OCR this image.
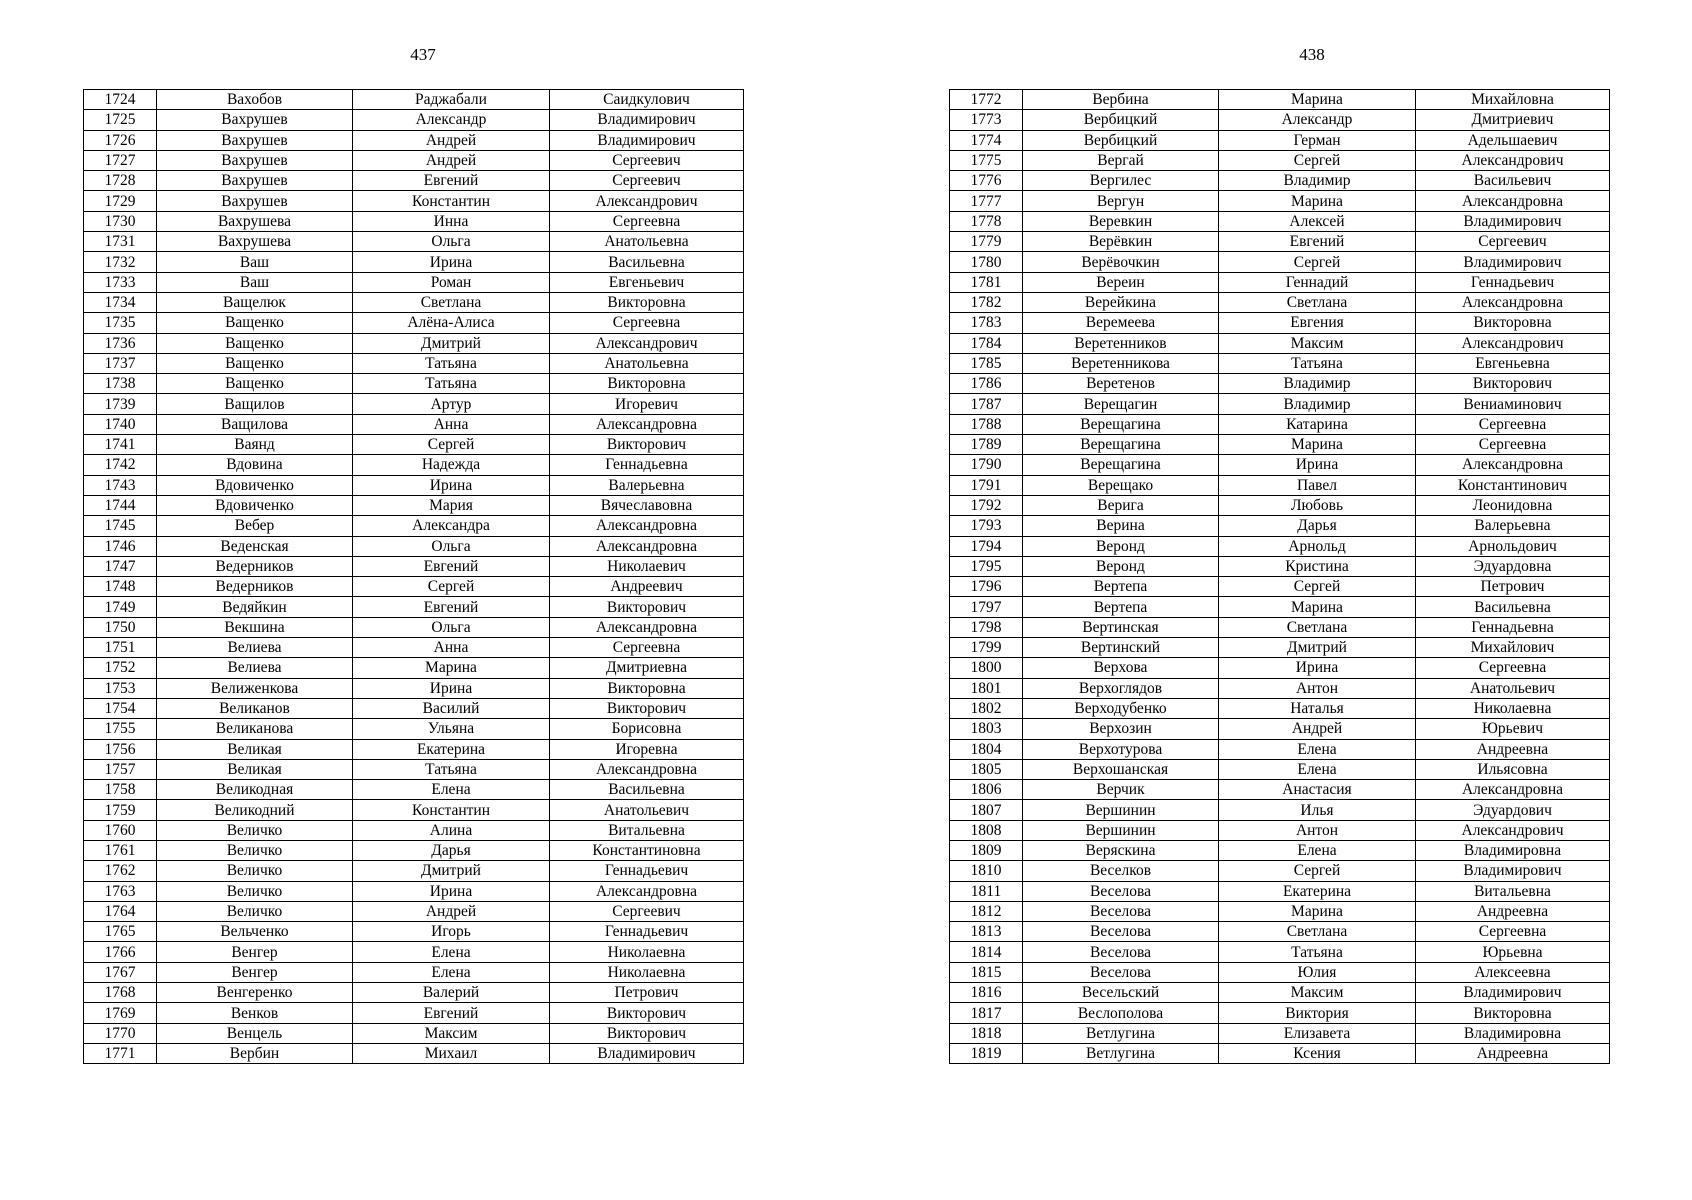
437
1724	Вахобов	Раджабали	Саидкулович
1725	Вахрушев	Александр	Владимирович
1726	Вахрушев	Андрей	Владимирович
1727	Вахрушев	Андрей	Сергеевич
1728	Вахрушев	Евгений	Сергеевич
1729	Вахрушев	Константин	Александрович
1730	Вахрушева	Инна	Сергеевна
1731	Вахрушева	Ольга	Анатольевна
1732	Ваш	Ирина	Васильевна
1733	Ваш	Роман	Евгеньевич
1734	Ващелюк	Светлана	Викторовна
1735	Ващенко	Алёна-Алиса	Сергеевна
1736	Ващенко	Дмитрий	Александрович
1737	Ващенко	Татьяна	Анатольевна
1738	Ващенко	Татьяна	Викторовна
1739	Ващилов	Артур	Игоревич
1740	Ващилова	Анна	Александровна
1741	Ваянд	Сергей	Викторович
1742	Вдовина	Надежда	Геннадьевна
1743	Вдовиченко	Ирина	Валерьевна
1744	Вдовиченко	Мария	Вячеславовна
1745	Вебер	Александра	Александровна
1746	Веденская	Ольга	Александровна
1747	Ведерников	Евгений	Николаевич
1748	Ведерников	Сергей	Андреевич
1749	Ведяйкин	Евгений	Викторович
1750	Векшина	Ольга	Александровна
1751	Велиева	Анна	Сергеевна
1752	Велиева	Марина	Дмитриевна
1753	Велиженкова	Ирина	Викторовна
1754	Великанов	Василий	Викторович
1755	Великанова	Ульяна	Борисовна
1756	Великая	Екатерина	Игоревна
1757	Великая	Татьяна	Александровна
1758	Великодная	Елена	Васильевна
1759	Великодний	Константин	Анатольевич
1760	Величко	Алина	Витальевна
1761	Величко	Дарья	Константиновна
1762	Величко	Дмитрий	Геннадьевич
1763	Величко	Ирина	Александровна
1764	Величко	Андрей	Сергеевич
1765	Вельченко	Игорь	Геннадьевич
1766	Венгер	Елена	Николаевна
1767	Венгер	Елена	Николаевна
1768	Венгеренко	Валерий	Петрович
1769	Венков	Евгений	Викторович
1770	Венцель	Максим	Викторович
1771	Вербин	Михаил	Владимирович
438
1772	Вербина	Марина	Михайловна
1773	Вербицкий	Александр	Дмитриевич
1774	Вербицкий	Герман	Адельшаевич
1775	Вергай	Сергей	Александрович
1776	Вергилес	Владимир	Васильевич
1777	Вергун	Марина	Александровна
1778	Веревкин	Алексей	Владимирович
1779	Верёвкин	Евгений	Сергеевич
1780	Верёвочкин	Сергей	Владимирович
1781	Вереин	Геннадий	Геннадьевич
1782	Верейкина	Светлана	Александровна
1783	Веремеева	Евгения	Викторовна
1784	Веретенников	Максим	Александрович
1785	Веретенникова	Татьяна	Евгеньевна
1786	Веретенов	Владимир	Викторович
1787	Верещагин	Владимир	Вениаминович
1788	Верещагина	Катарина	Сергеевна
1789	Верещагина	Марина	Сергеевна
1790	Верещагина	Ирина	Александровна
1791	Верещако	Павел	Константинович
1792	Верига	Любовь	Леонидовна
1793	Верина	Дарья	Валерьевна
1794	Веронд	Арнольд	Арнольдович
1795	Веронд	Кристина	Эдуардовна
1796	Вертепа	Сергей	Петрович
1797	Вертепа	Марина	Васильевна
1798	Вертинская	Светлана	Геннадьевна
1799	Вертинский	Дмитрий	Михайлович
1800	Верхова	Ирина	Сергеевна
1801	Верхоглядов	Антон	Анатольевич
1802	Верходубенко	Наталья	Николаевна
1803	Верхозин	Андрей	Юрьевич
1804	Верхотурова	Елена	Андреевна
1805	Верхошанская	Елена	Ильясовна
1806	Верчик	Анастасия	Александровна
1807	Вершинин	Илья	Эдуардович
1808	Вершинин	Антон	Александрович
1809	Веряскина	Елена	Владимировна
1810	Веселков	Сергей	Владимирович
1811	Веселова	Екатерина	Витальевна
1812	Веселова	Марина	Андреевна
1813	Веселова	Светлана	Сергеевна
1814	Веселова	Татьяна	Юрьевна
1815	Веселова	Юлия	Алексеевна
1816	Весельский	Максим	Владимирович
1817	Веслополова	Виктория	Викторовна
1818	Ветлугина	Елизавета	Владимировна
1819	Ветлугина	Ксения	Андреевна
